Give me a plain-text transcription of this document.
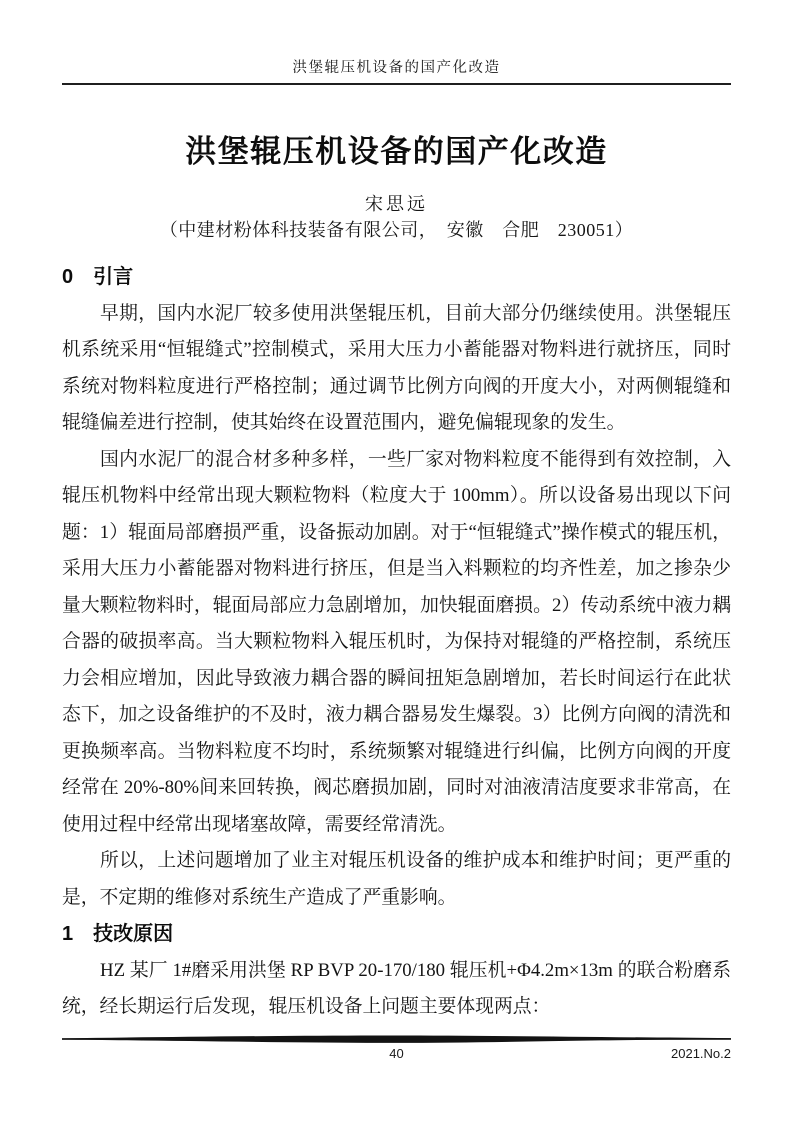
洪堡辊压机设备的国产化改造
洪堡辊压机设备的国产化改造
宋思远
（中建材粉体科技装备有限公司，　安徽　合肥　230051）
0 引言
早期，国内水泥厂较多使用洪堡辊压机，目前大部分仍继续使用。洪堡辊压
机系统采用“恒辊缝式”控制模式，采用大压力小蓄能器对物料进行就挤压，同时
系统对物料粒度进行严格控制；通过调节比例方向阀的开度大小，对两侧辊缝和
辊缝偏差进行控制，使其始终在设置范围内，避免偏辊现象的发生。
国内水泥厂的混合材多种多样，一些厂家对物料粒度不能得到有效控制，入
辊压机物料中经常出现大颗粒物料（粒度大于 100mm）。所以设备易出现以下问
题：1）辊面局部磨损严重，设备振动加剧。对于“恒辊缝式”操作模式的辊压机，
采用大压力小蓄能器对物料进行挤压，但是当入料颗粒的均齐性差，加之掺杂少
量大颗粒物料时，辊面局部应力急剧增加，加快辊面磨损。2）传动系统中液力耦
合器的破损率高。当大颗粒物料入辊压机时，为保持对辊缝的严格控制，系统压
力会相应增加，因此导致液力耦合器的瞬间扭矩急剧增加，若长时间运行在此状
态下，加之设备维护的不及时，液力耦合器易发生爆裂。3）比例方向阀的清洗和
更换频率高。当物料粒度不均时，系统频繁对辊缝进行纠偏，比例方向阀的开度
经常在 20%-80%间来回转换，阀芯磨损加剧，同时对油液清洁度要求非常高，在
使用过程中经常出现堵塞故障，需要经常清洗。
所以，上述问题增加了业主对辊压机设备的维护成本和维护时间；更严重的
是，不定期的维修对系统生产造成了严重影响。
1 技改原因
HZ 某厂 1#磨采用洪堡 RP BVP 20-170/180 辊压机+Φ4.2m×13m 的联合粉磨系
统，经长期运行后发现，辊压机设备上问题主要体现两点：
40	2021.No.2
